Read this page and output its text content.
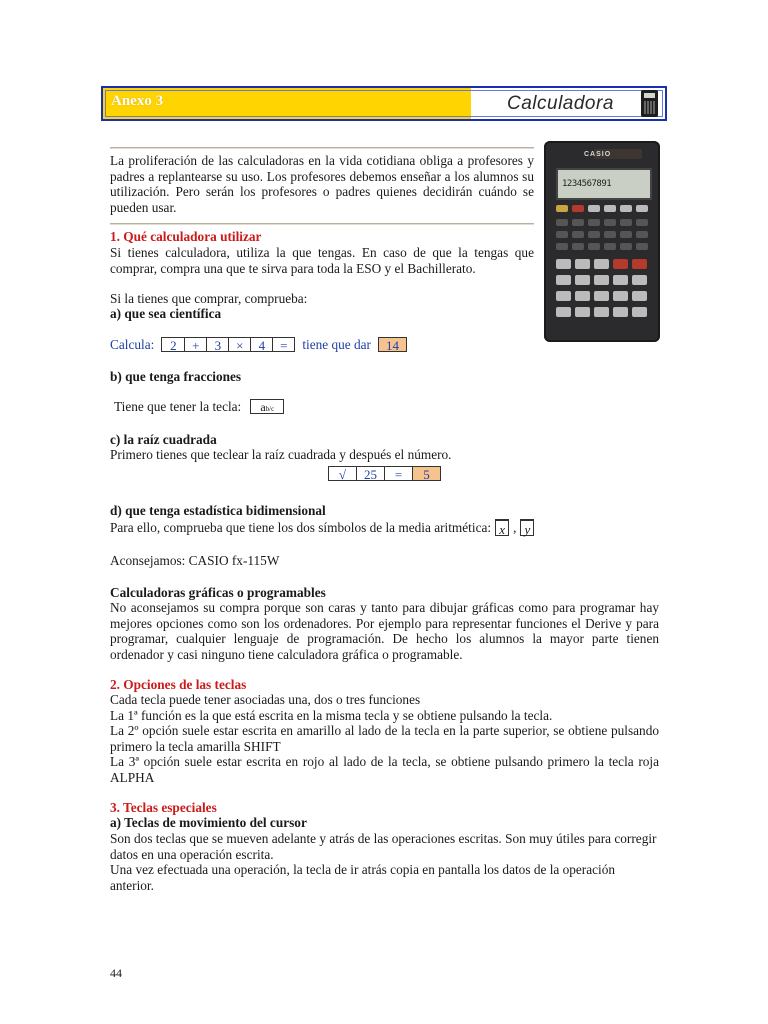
Anexo 3	Calculadora

La proliferación de las calculadoras en la vida cotidiana obliga a profesores y padres a replantearse su uso. Los profesores debemos enseñar a los alumnos su utilización. Pero serán los profesores o padres quienes decidirán cuándo se pueden usar.

CASIO
1234567891

1. Qué calculadora utilizar

Si tienes calculadora, utiliza la que tengas. En caso de que la tengas que comprar, compra una que te sirva para toda la ESO y el Bachillerato.

Si la tienes que comprar, comprueba:

a) que sea científica

Calcula:	2	+	3	×	4	=	tiene que dar	14

b) que tenga fracciones

Tiene que tener la tecla:	ab/c

c) la raíz cuadrada

Primero tienes que teclear la raíz cuadrada y después el número.

√	25	=	5

d) que tenga estadística bidimensional

Para ello, comprueba que tiene los dos símbolos de la media aritmética: x , y

Aconsejamos: CASIO fx-115W

Calculadoras gráficas o programables

No aconsejamos su compra porque son caras y tanto para dibujar gráficas como para programar hay mejores opciones como son los ordenadores. Por ejemplo para representar funciones el Derive y para programar, cualquier lenguaje de programación. De hecho los alumnos la mayor parte tienen ordenador y casi ninguno tiene calculadora gráfica o programable.

2. Opciones de las teclas

Cada tecla puede tener asociadas una, dos o tres funciones

La 1ª función es la que está escrita en la misma tecla y se obtiene pulsando la tecla.

La 2º opción suele estar escrita en amarillo al lado de la tecla en la parte superior, se obtiene pulsando primero la tecla amarilla SHIFT

La 3ª opción suele estar escrita en rojo al lado de la tecla, se obtiene pulsando primero la tecla roja ALPHA

3. Teclas especiales

a) Teclas de movimiento del cursor

Son dos teclas que se mueven adelante y atrás de las operaciones escritas. Son muy útiles para corregir datos en una operación escrita.

Una vez efectuada una operación, la tecla de ir atrás copia en pantalla los datos de la operación anterior.

44
